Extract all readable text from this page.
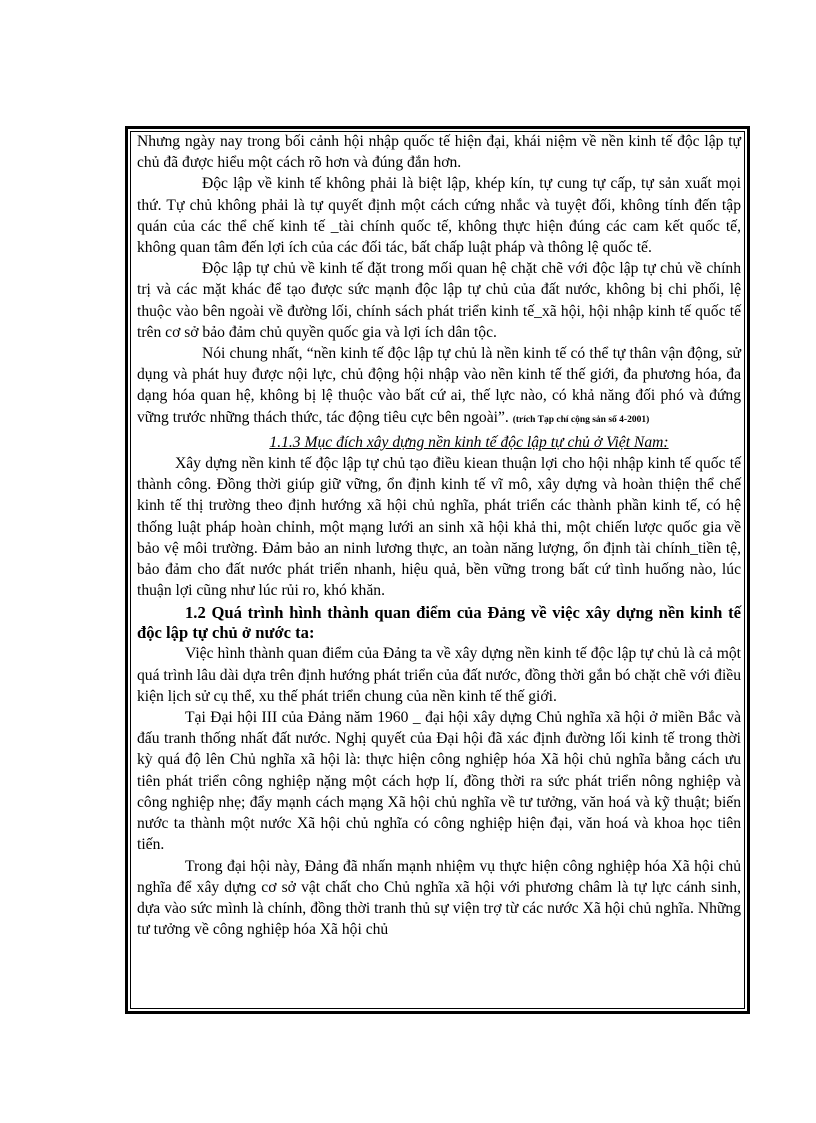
Nhưng ngày nay trong bối cảnh hội nhập quốc tế hiện đại, khái niệm về nền kinh tế độc lập tự chủ đã được hiểu một cách rõ hơn và đúng đắn hơn.

Độc lập về kinh tế không phải là biệt lập, khép kín, tự cung tự cấp, tự sản xuất mọi thứ. Tự chủ không phải là tự quyết định một cách cứng nhắc và tuyệt đối, không tính đến tập quán của các thể chế kinh tế _tài chính quốc tế, không thực hiện đúng các cam kết quốc tế, không quan tâm đến lợi ích của các đối tác, bất chấp luật pháp và thông lệ quốc tế.

Độc lập tự chủ về kinh tế đặt trong mối quan hệ chặt chẽ với độc lập tự chủ về chính trị và các mặt khác để tạo được sức mạnh độc lập tự chủ của đất nước, không bị chi phối, lệ thuộc vào bên ngoài về đường lối, chính sách phát triển kinh tế_xã hội, hội nhập kinh tế quốc tế trên cơ sở bảo đảm chủ quyền quốc gia và lợi ích dân tộc.

Nói chung nhất, “nền kinh tế độc lập tự chủ là nền kinh tế có thể tự thân vận động, sử dụng và phát huy được nội lực, chủ động hội nhập vào nền kinh tế thế giới, đa phương hóa, đa dạng hóa quan hệ, không bị lệ thuộc vào bất cứ ai, thế lực nào, có khả năng đối phó và đứng vững trước những thách thức, tác động tiêu cực bên ngoài”. (trích Tạp chí cộng sản số 4-2001)

1.1.3 Mục đích xây dựng nền kinh tế độc lập tự chủ ở Việt Nam:

Xây dựng nền kinh tế độc lập tự chủ tạo điều kiean thuận lợi cho hội nhập kinh tế quốc tế thành công. Đồng thời giúp giữ vững, ổn định kinh tế vĩ mô, xây dựng và hoàn thiện thể chế kinh tế thị trường theo định hướng xã hội chủ nghĩa, phát triển các thành phần kinh tế, có hệ thống luật pháp hoàn chỉnh, một mạng lưới an sinh xã hội khả thi, một chiến lược quốc gia về bảo vệ môi trường. Đảm bảo an ninh lương thực, an toàn năng lượng, ổn định tài chính_tiền tệ, bảo đảm cho đất nước phát triển nhanh, hiệu quả, bền vững trong bất cứ tình huống nào, lúc thuận lợi cũng như lúc rủi ro, khó khăn.

1.2 Quá trình hình thành quan điểm của Đảng về việc xây dựng nền kinh tế độc lập tự chủ ở nước ta:

Việc hình thành quan điểm của Đảng ta về xây dựng nền kinh tế độc lập tự chủ là cả một quá trình lâu dài dựa trên định hướng phát triển của đất nước, đồng thời gắn bó chặt chẽ với điều kiện lịch sử cụ thể, xu thế phát triển chung của nền kinh tế thế giới.

Tại Đại hội III của Đảng năm 1960 _ đại hội xây dựng Chủ nghĩa xã hội ở miền Bắc và đấu tranh thống nhất đất nước. Nghị quyết của Đại hội đã xác định đường lối kinh tế trong thời kỳ quá độ lên Chủ nghĩa xã hội là: thực hiện công nghiệp hóa Xã hội chủ nghĩa bằng cách ưu tiên phát triển công nghiệp nặng một cách hợp lí, đồng thời ra sức phát triển nông nghiệp và công nghiệp nhẹ; đẩy mạnh cách mạng Xã hội chủ nghĩa về tư tưởng, văn hoá và kỹ thuật; biến nước ta thành một nước Xã hội chủ nghĩa có công nghiệp hiện đại, văn hoá và khoa học tiên tiến.

Trong đại hội này, Đảng đã nhấn mạnh nhiệm vụ thực hiện công nghiệp hóa Xã hội chủ nghĩa để xây dựng cơ sở vật chất cho Chủ nghĩa xã hội với phương châm là tự lực cánh sinh, dựa vào sức mình là chính, đồng thời tranh thủ sự viện trợ từ các nước Xã hội chủ nghĩa. Những tư tưởng về công nghiệp hóa Xã hội chủ
